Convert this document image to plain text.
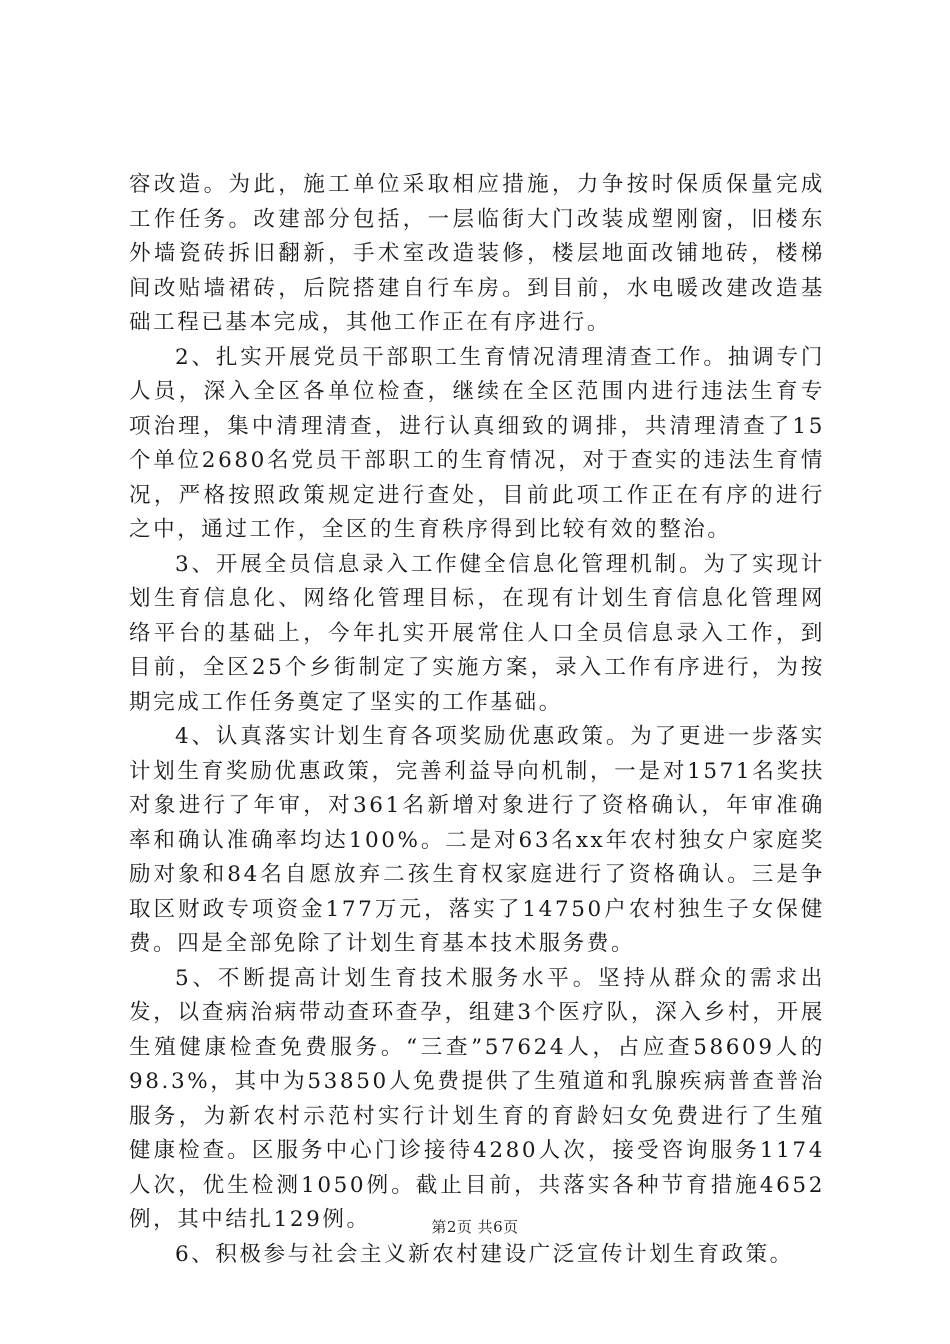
容改造。为此，施工单位采取相应措施，力争按时保质保量完成工作任务。改建部分包括，一层临街大门改装成塑刚窗，旧楼东外墙瓷砖拆旧翻新，手术室改造装修，楼层地面改铺地砖，楼梯间改贴墙裙砖，后院搭建自行车房。到目前，水电暖改建改造基础工程已基本完成，其他工作正在有序进行。

2、扎实开展党员干部职工生育情况清理清查工作。抽调专门人员，深入全区各单位检查，继续在全区范围内进行违法生育专项治理，集中清理清查，进行认真细致的调排，共清理清查了15个单位2680名党员干部职工的生育情况，对于查实的违法生育情况，严格按照政策规定进行查处，目前此项工作正在有序的进行之中，通过工作，全区的生育秩序得到比较有效的整治。

3、开展全员信息录入工作健全信息化管理机制。为了实现计划生育信息化、网络化管理目标，在现有计划生育信息化管理网络平台的基础上，今年扎实开展常住人口全员信息录入工作，到目前，全区25个乡街制定了实施方案，录入工作有序进行，为按期完成工作任务奠定了坚实的工作基础。

4、认真落实计划生育各项奖励优惠政策。为了更进一步落实计划生育奖励优惠政策，完善利益导向机制，一是对1571名奖扶对象进行了年审，对361名新增对象进行了资格确认，年审准确率和确认准确率均达100%。二是对63名xx年农村独女户家庭奖励对象和84名自愿放弃二孩生育权家庭进行了资格确认。三是争取区财政专项资金177万元，落实了14750户农村独生子女保健费。四是全部免除了计划生育基本技术服务费。

5、不断提高计划生育技术服务水平。坚持从群众的需求出发，以查病治病带动查环查孕，组建3个医疗队，深入乡村，开展生殖健康检查免费服务。“三查”57624人，占应查58609人的98.3%，其中为53850人免费提供了生殖道和乳腺疾病普查普治服务，为新农村示范村实行计划生育的育龄妇女免费进行了生殖健康检查。区服务中心门诊接待4280人次，接受咨询服务1174人次，优生检测1050例。截止目前，共落实各种节育措施4652例，其中结扎129例。

6、积极参与社会主义新农村建设广泛宣传计划生育政策。

第2页 共6页
